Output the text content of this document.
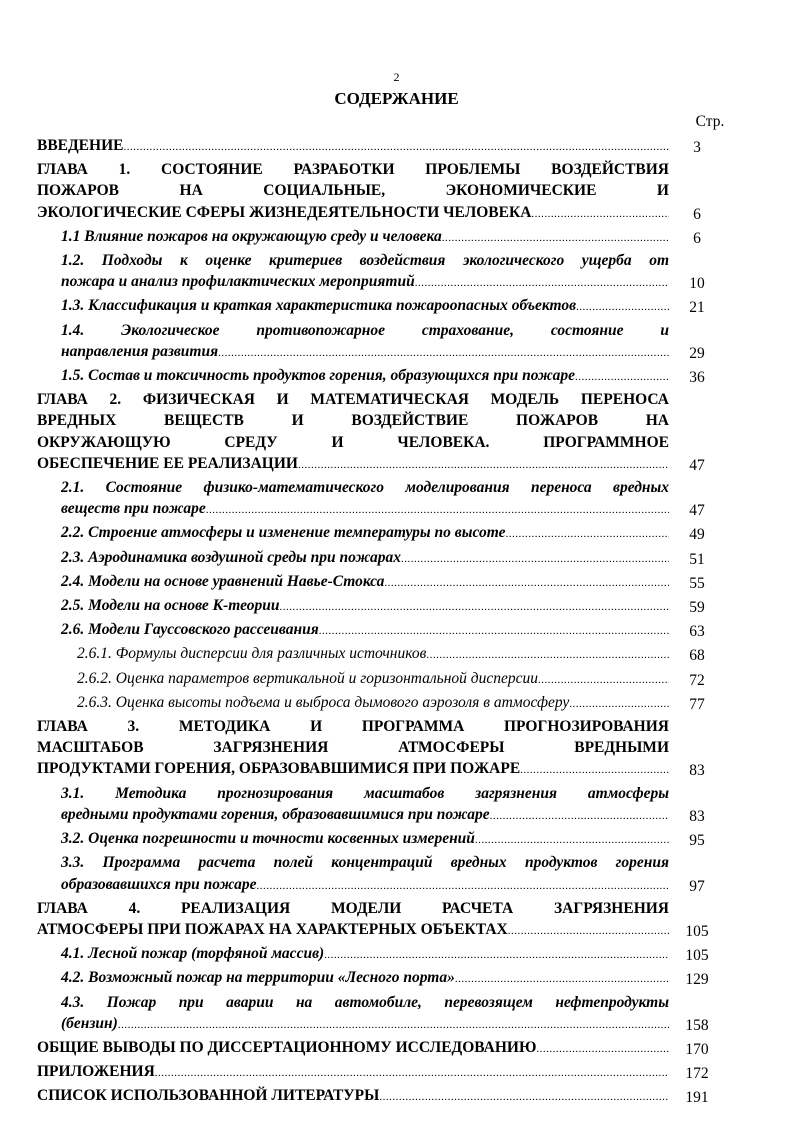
2
СОДЕРЖАНИЕ
Стр.
ВВЕДЕНИЕ .....	3
ГЛАВА 1. СОСТОЯНИЕ РАЗРАБОТКИ ПРОБЛЕМЫ ВОЗДЕЙСТВИЯ
ПОЖАРОВ НА СОЦИАЛЬНЫЕ, ЭКОНОМИЧЕСКИЕ И
ЭКОЛОГИЧЕСКИЕ СФЕРЫ ЖИЗНЕДЕЯТЕЛЬНОСТИ ЧЕЛОВЕКА .....	6
1.1 Влияние пожаров на окружающую среду и человека .....	6
1.2. Подходы к оценке критериев воздействия экологического ущерба от
пожара и анализ профилактических мероприятий .....	10
1.3. Классификация и краткая характеристика пожароопасных объектов .....	21
1.4. Экологическое противопожарное страхование, состояние и
направления развития .....	29
1.5. Состав и токсичность продуктов горения, образующихся при пожаре .....	36
ГЛАВА 2. ФИЗИЧЕСКАЯ И МАТЕМАТИЧЕСКАЯ МОДЕЛЬ ПЕРЕНОСА
ВРЕДНЫХ ВЕЩЕСТВ И ВОЗДЕЙСТВИЕ ПОЖАРОВ НА
ОКРУЖАЮЩУЮ СРЕДУ И ЧЕЛОВЕКА. ПРОГРАММНОЕ
ОБЕСПЕЧЕНИЕ ЕЕ РЕАЛИЗАЦИИ .....	47
2.1. Состояние физико-математического моделирования переноса вредных
веществ при пожаре .....	47
2.2. Строение атмосферы и изменение температуры по высоте .....	49
2.3. Аэродинамика воздушной среды при пожарах .....	51
2.4. Модели на основе уравнений Навье-Стокса .....	55
2.5. Модели на основе К-теории .....	59
2.6. Модели Гауссовского рассеивания .....	63
2.6.1. Формулы дисперсии для различных источников .....	68
2.6.2. Оценка параметров вертикальной и горизонтальной дисперсии .....	72
2.6.3. Оценка высоты подъема и выброса дымового аэрозоля в атмосферу .....	77
ГЛАВА 3. МЕТОДИКА И ПРОГРАММА ПРОГНОЗИРОВАНИЯ
МАСШТАБОВ ЗАГРЯЗНЕНИЯ АТМОСФЕРЫ ВРЕДНЫМИ
ПРОДУКТАМИ ГОРЕНИЯ, ОБРАЗОВАВШИМИСЯ ПРИ ПОЖАРЕ .....	83
3.1. Методика прогнозирования масштабов загрязнения атмосферы
вредными продуктами горения, образовавшимися при пожаре .....	83
3.2. Оценка погрешности и точности косвенных измерений .....	95
3.3. Программа расчета полей концентраций вредных продуктов горения
образовавшихся при пожаре .....	97
ГЛАВА 4. РЕАЛИЗАЦИЯ МОДЕЛИ РАСЧЕТА ЗАГРЯЗНЕНИЯ
АТМОСФЕРЫ ПРИ ПОЖАРАХ НА ХАРАКТЕРНЫХ ОБЪЕКТАХ .....	105
4.1. Лесной пожар (торфяной массив) .....	105
4.2. Возможный пожар на территории «Лесного порта» .....	129
4.3. Пожар при аварии на автомобиле, перевозящем нефтепродукты
(бензин) .....	158
ОБЩИЕ ВЫВОДЫ ПО ДИССЕРТАЦИОННОМУ ИССЛЕДОВАНИЮ .....	170
ПРИЛОЖЕНИЯ .....	172
СПИСОК ИСПОЛЬЗОВАННОЙ ЛИТЕРАТУРЫ .....	191
